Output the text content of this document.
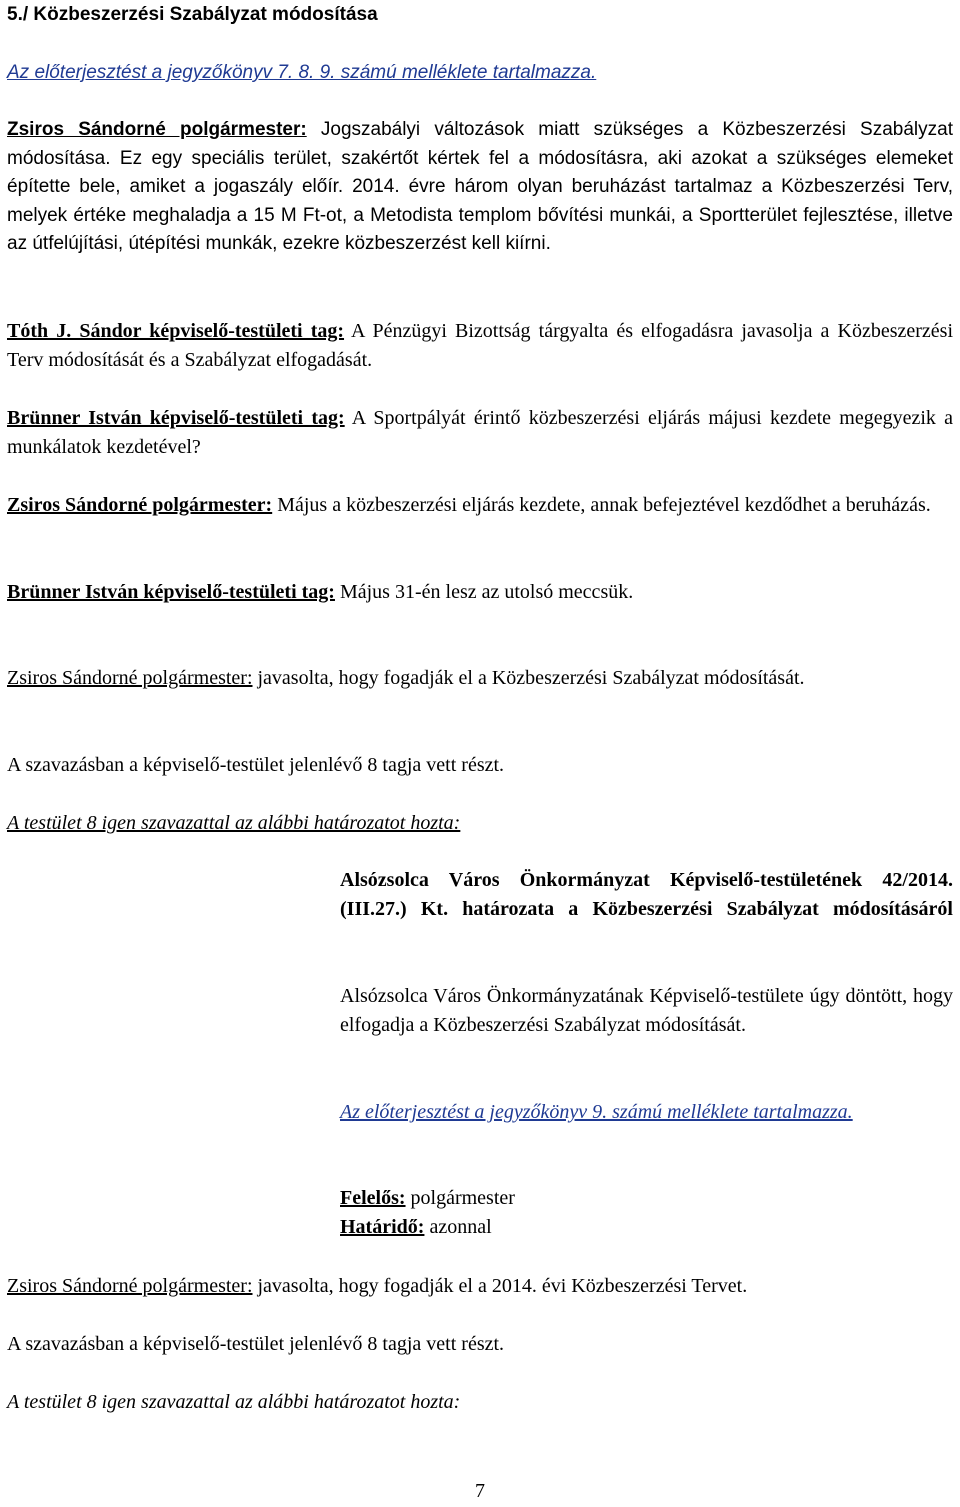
5./ Közbeszerzési Szabályzat módosítása

Az előterjesztést a jegyzőkönyv 7. 8. 9. számú melléklete tartalmazza.

Zsiros Sándorné polgármester: Jogszabályi változások miatt szükséges a Közbeszerzési Szabályzat módosítása. Ez egy speciális terület, szakértőt kértek fel a módosításra, aki azokat a szükséges elemeket építette bele, amiket a jogaszály előír. 2014. évre három olyan beruházást tartalmaz a Közbeszerzési Terv, melyek értéke meghaladja a 15 M Ft-ot, a Metodista templom bővítési munkái, a Sportterület fejlesztése, illetve az útfelújítási, útépítési munkák, ezekre közbeszerzést kell kiírni.

Tóth J. Sándor képviselő-testületi tag: A Pénzügyi Bizottság tárgyalta és elfogadásra javasolja a Közbeszerzési Terv módosítását és a Szabályzat elfogadását.

Brünner István képviselő-testületi tag: A Sportpályát érintő közbeszerzési eljárás májusi kezdete megegyezik a munkálatok kezdetével?

Zsiros Sándorné polgármester: Május a közbeszerzési eljárás kezdete, annak befejeztével kezdődhet a beruházás.

Brünner István képviselő-testületi tag: Május 31-én lesz az utolsó meccsük.

Zsiros Sándorné polgármester: javasolta, hogy fogadják el a Közbeszerzési Szabályzat módosítását.

A szavazásban a képviselő-testület jelenlévő 8 tagja vett részt.

A testület 8 igen szavazattal az alábbi határozatot hozta:

Alsózsolca Város Önkormányzat Képviselő-testületének 42/2014. (III.27.) Kt. határozata a Közbeszerzési Szabályzat módosításáról

Alsózsolca Város Önkormányzatának Képviselő-testülete úgy döntött, hogy elfogadja a Közbeszerzési Szabályzat módosítását.

Az előterjesztést a jegyzőkönyv 9. számú melléklete tartalmazza.

Felelős: polgármester

Határidő: azonnal

Zsiros Sándorné polgármester: javasolta, hogy fogadják el a 2014. évi Közbeszerzési Tervet.

A szavazásban a képviselő-testület jelenlévő 8 tagja vett részt.

A testület 8 igen szavazattal az alábbi határozatot hozta:

7
